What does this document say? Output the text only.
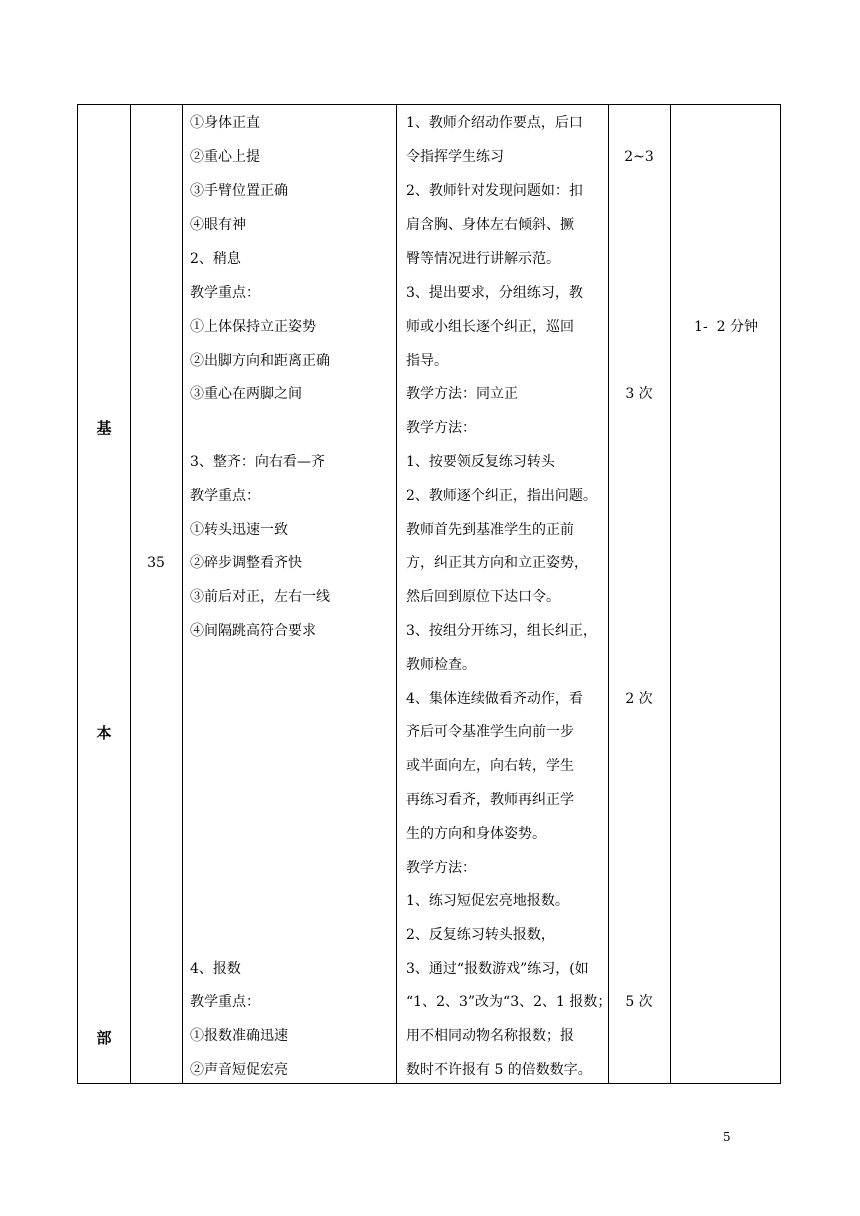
基
本
部
35
①身体正直
②重心上提
③手臂位置正确
④眼有神
2、稍息
教学重点：
①上体保持立正姿势
②出脚方向和距离正确
③重心在两脚之间
3、整齐：向右看—齐
教学重点：
①转头迅速一致
②碎步调整看齐快
③前后对正，左右一线
④间隔跳高符合要求
4、报数
教学重点：
①报数准确迅速
②声音短促宏亮
1、教师介绍动作要点，后口
令指挥学生练习
2、教师针对发现问题如：扣
肩含胸、身体左右倾斜、撅
臀等情况进行讲解示范。
3、提出要求，分组练习，教
师或小组长逐个纠正，巡回
指导。
教学方法：同立正
教学方法：
1、按要领反复练习转头
2、教师逐个纠正，指出问题。
教师首先到基准学生的正前
方，纠正其方向和立正姿势，
然后回到原位下达口令。
3、按组分开练习，组长纠正，
教师检查。
4、集体连续做看齐动作，看
齐后可令基准学生向前一步
或半面向左，向右转，学生
再练习看齐，教师再纠正学
生的方向和身体姿势。
教学方法：
1、练习短促宏亮地报数。
2、反复练习转头报数，
3、通过“报数游戏”练习，(如
“1、2、3”改为“3、2、1 报数；
用不相同动物名称报数；报
数时不许报有 5 的倍数数字。
2~3
3 次
2 次
5 次
1-  2 分钟
5
